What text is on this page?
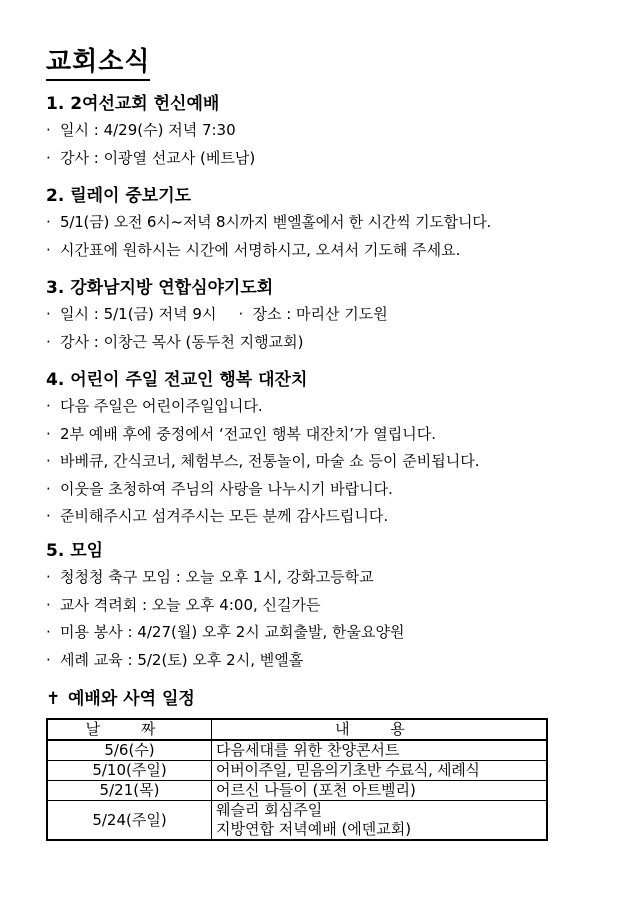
교회소식
1. 2여선교회 헌신예배
· 일시 : 4/29(수) 저녁 7:30
· 강사 : 이광열 선교사 (베트남)
2. 릴레이 중보기도
· 5/1(금) 오전 6시~저녁 8시까지 벧엘홀에서 한 시간씩 기도합니다.
· 시간표에 원하시는 시간에 서명하시고, 오셔서 기도해 주세요.
3. 강화남지방 연합심야기도회
· 일시 : 5/1(금) 저녁 9시 · 장소 : 마리산 기도원
· 강사 : 이창근 목사 (동두천 지행교회)
4. 어린이 주일 전교인 행복 대잔치
· 다음 주일은 어린이주일입니다.
· 2부 예배 후에 중정에서 ‘전교인 행복 대잔치’가 열립니다.
· 바베큐, 간식코너, 체험부스, 전통놀이, 마술 쇼 등이 준비됩니다.
· 이웃을 초청하여 주님의 사랑을 나누시기 바랍니다.
· 준비해주시고 섬겨주시는 모든 분께 감사드립니다.
5. 모임
· 청청청 축구 모임 : 오늘 오후 1시, 강화고등학교
· 교사 격려회 : 오늘 오후 4:00, 신길가든
· 미용 봉사 : 4/27(월) 오후 2시 교회출발, 한울요양원
· 세례 교육 : 5/2(토) 오후 2시, 벧엘홀
✝ 예배와 사역 일정
날 짜	내 용
5/6(수)	다음세대를 위한 찬양콘서트
5/10(주일)	어버이주일, 믿음의기초반 수료식, 세례식
5/21(목)	어르신 나들이 (포천 아트벨리)
5/24(주일)	웨슬리 회심주일
지방연합 저녁예배 (에덴교회)
